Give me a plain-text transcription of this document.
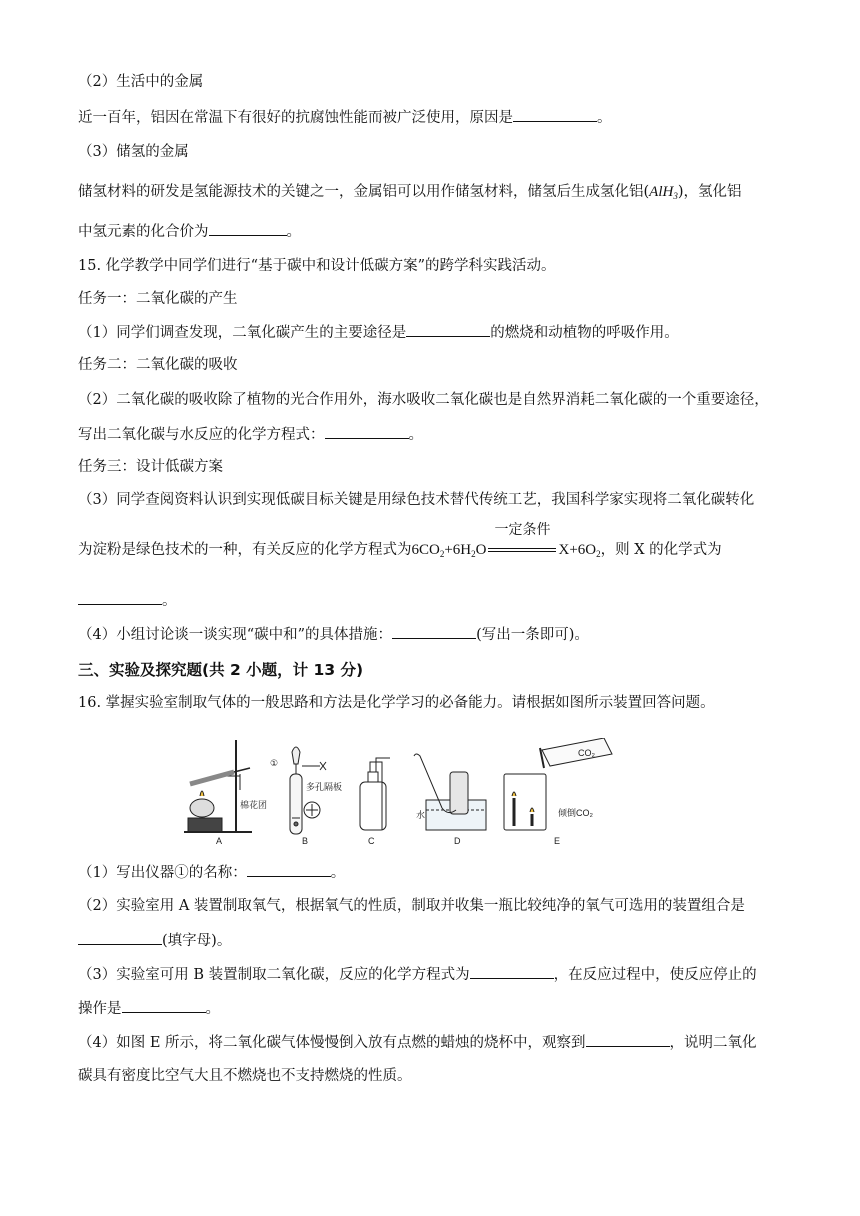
（2）生活中的金属
近一百年，铝因在常温下有很好的抗腐蚀性能而被广泛使用，原因是	。
（3）储氢的金属
储氢材料的研发是氢能源技术的关键之一，金属铝可以用作储氢材料，储氢后生成氢化铝(AlH$_3$)，氢化铝
中氢元素的化合价为	。
15. 化学教学中同学们进行“基于碳中和设计低碳方案”的跨学科实践活动。
任务一：二氧化碳的产生
（1）同学们调查发现，二氧化碳产生的主要途径是	的燃烧和动植物的呼吸作用。
任务二：二氧化碳的吸收
（2）二氧化碳的吸收除了植物的光合作用外，海水吸收二氧化碳也是自然界消耗二氧化碳的一个重要途径，
写出二氧化碳与水反应的化学方程式：	。
任务三：设计低碳方案
（3）同学查阅资料认识到实现低碳目标关键是用绿色技术替代传统工艺，我国科学家实现将二氧化碳转化
为淀粉是绿色技术的一种，有关反应的化学方程式为$6CO_2+6H_2O$
一定条件
$X+6O_2$，则 X 的化学式为
。
（4）小组讨论谈一谈实现“碳中和”的具体措施：	(写出一条即可)。
三、实验及探究题(共 2 小题，计 13 分)
16. 掌握实验室制取气体的一般思路和方法是化学学习的必备能力。请根据如图所示装置回答问题。
棉花团
A
①
多孔隔板
B	C
水
D
CO₂
倾倒CO₂
E
（1）写出仪器①的名称：	。
（2）实验室用 A 装置制取氧气，根据氧气的性质，制取并收集一瓶比较纯净的氧气可选用的装置组合是
(填字母)。
（3）实验室可用 B 装置制取二氧化碳，反应的化学方程式为	，在反应过程中，使反应停止的
操作是	。
（4）如图 E 所示，将二氧化碳气体慢慢倒入放有点燃的蜡烛的烧杯中，观察到	，说明二氧化
碳具有密度比空气大且不燃烧也不支持燃烧的性质。
